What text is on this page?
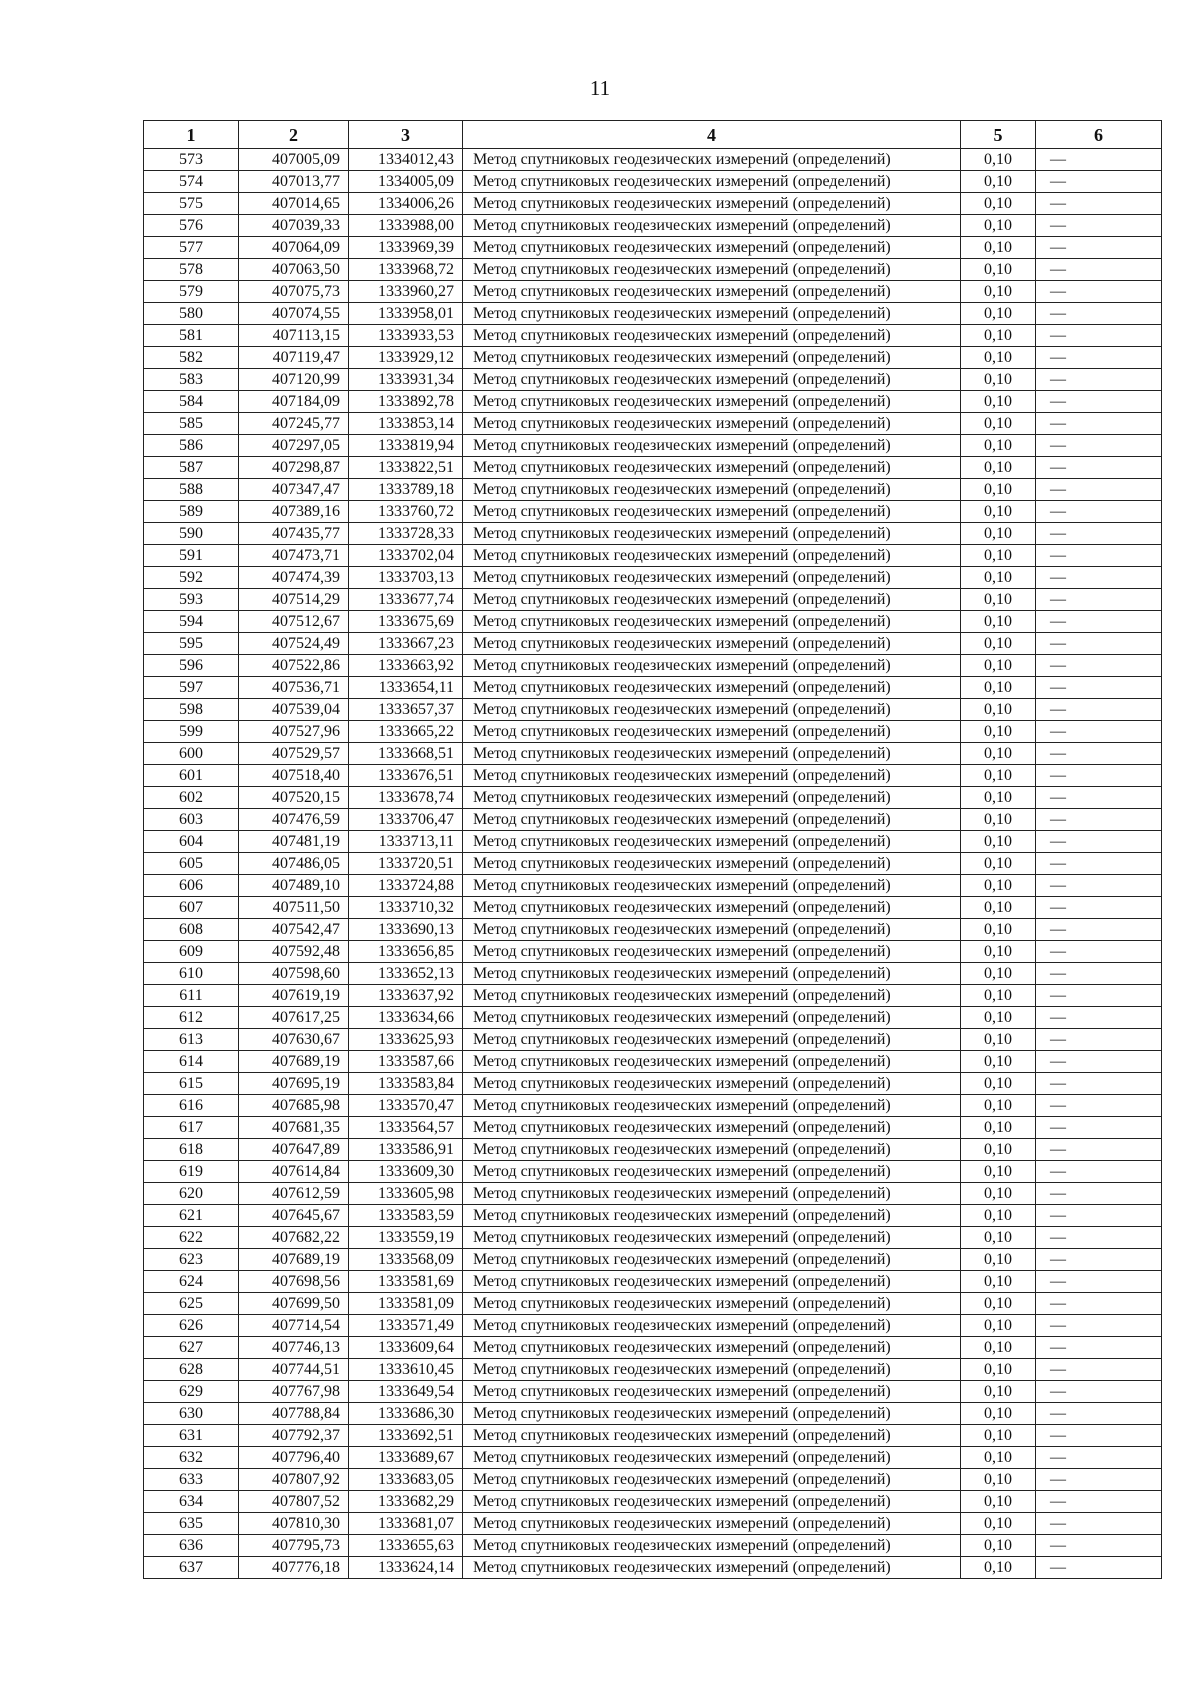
11
1	2	3	4	5	6
573	407005,09	1334012,43	Метод спутниковых геодезических измерений (определений)	0,10	—
574	407013,77	1334005,09	Метод спутниковых геодезических измерений (определений)	0,10	—
575	407014,65	1334006,26	Метод спутниковых геодезических измерений (определений)	0,10	—
576	407039,33	1333988,00	Метод спутниковых геодезических измерений (определений)	0,10	—
577	407064,09	1333969,39	Метод спутниковых геодезических измерений (определений)	0,10	—
578	407063,50	1333968,72	Метод спутниковых геодезических измерений (определений)	0,10	—
579	407075,73	1333960,27	Метод спутниковых геодезических измерений (определений)	0,10	—
580	407074,55	1333958,01	Метод спутниковых геодезических измерений (определений)	0,10	—
581	407113,15	1333933,53	Метод спутниковых геодезических измерений (определений)	0,10	—
582	407119,47	1333929,12	Метод спутниковых геодезических измерений (определений)	0,10	—
583	407120,99	1333931,34	Метод спутниковых геодезических измерений (определений)	0,10	—
584	407184,09	1333892,78	Метод спутниковых геодезических измерений (определений)	0,10	—
585	407245,77	1333853,14	Метод спутниковых геодезических измерений (определений)	0,10	—
586	407297,05	1333819,94	Метод спутниковых геодезических измерений (определений)	0,10	—
587	407298,87	1333822,51	Метод спутниковых геодезических измерений (определений)	0,10	—
588	407347,47	1333789,18	Метод спутниковых геодезических измерений (определений)	0,10	—
589	407389,16	1333760,72	Метод спутниковых геодезических измерений (определений)	0,10	—
590	407435,77	1333728,33	Метод спутниковых геодезических измерений (определений)	0,10	—
591	407473,71	1333702,04	Метод спутниковых геодезических измерений (определений)	0,10	—
592	407474,39	1333703,13	Метод спутниковых геодезических измерений (определений)	0,10	—
593	407514,29	1333677,74	Метод спутниковых геодезических измерений (определений)	0,10	—
594	407512,67	1333675,69	Метод спутниковых геодезических измерений (определений)	0,10	—
595	407524,49	1333667,23	Метод спутниковых геодезических измерений (определений)	0,10	—
596	407522,86	1333663,92	Метод спутниковых геодезических измерений (определений)	0,10	—
597	407536,71	1333654,11	Метод спутниковых геодезических измерений (определений)	0,10	—
598	407539,04	1333657,37	Метод спутниковых геодезических измерений (определений)	0,10	—
599	407527,96	1333665,22	Метод спутниковых геодезических измерений (определений)	0,10	—
600	407529,57	1333668,51	Метод спутниковых геодезических измерений (определений)	0,10	—
601	407518,40	1333676,51	Метод спутниковых геодезических измерений (определений)	0,10	—
602	407520,15	1333678,74	Метод спутниковых геодезических измерений (определений)	0,10	—
603	407476,59	1333706,47	Метод спутниковых геодезических измерений (определений)	0,10	—
604	407481,19	1333713,11	Метод спутниковых геодезических измерений (определений)	0,10	—
605	407486,05	1333720,51	Метод спутниковых геодезических измерений (определений)	0,10	—
606	407489,10	1333724,88	Метод спутниковых геодезических измерений (определений)	0,10	—
607	407511,50	1333710,32	Метод спутниковых геодезических измерений (определений)	0,10	—
608	407542,47	1333690,13	Метод спутниковых геодезических измерений (определений)	0,10	—
609	407592,48	1333656,85	Метод спутниковых геодезических измерений (определений)	0,10	—
610	407598,60	1333652,13	Метод спутниковых геодезических измерений (определений)	0,10	—
611	407619,19	1333637,92	Метод спутниковых геодезических измерений (определений)	0,10	—
612	407617,25	1333634,66	Метод спутниковых геодезических измерений (определений)	0,10	—
613	407630,67	1333625,93	Метод спутниковых геодезических измерений (определений)	0,10	—
614	407689,19	1333587,66	Метод спутниковых геодезических измерений (определений)	0,10	—
615	407695,19	1333583,84	Метод спутниковых геодезических измерений (определений)	0,10	—
616	407685,98	1333570,47	Метод спутниковых геодезических измерений (определений)	0,10	—
617	407681,35	1333564,57	Метод спутниковых геодезических измерений (определений)	0,10	—
618	407647,89	1333586,91	Метод спутниковых геодезических измерений (определений)	0,10	—
619	407614,84	1333609,30	Метод спутниковых геодезических измерений (определений)	0,10	—
620	407612,59	1333605,98	Метод спутниковых геодезических измерений (определений)	0,10	—
621	407645,67	1333583,59	Метод спутниковых геодезических измерений (определений)	0,10	—
622	407682,22	1333559,19	Метод спутниковых геодезических измерений (определений)	0,10	—
623	407689,19	1333568,09	Метод спутниковых геодезических измерений (определений)	0,10	—
624	407698,56	1333581,69	Метод спутниковых геодезических измерений (определений)	0,10	—
625	407699,50	1333581,09	Метод спутниковых геодезических измерений (определений)	0,10	—
626	407714,54	1333571,49	Метод спутниковых геодезических измерений (определений)	0,10	—
627	407746,13	1333609,64	Метод спутниковых геодезических измерений (определений)	0,10	—
628	407744,51	1333610,45	Метод спутниковых геодезических измерений (определений)	0,10	—
629	407767,98	1333649,54	Метод спутниковых геодезических измерений (определений)	0,10	—
630	407788,84	1333686,30	Метод спутниковых геодезических измерений (определений)	0,10	—
631	407792,37	1333692,51	Метод спутниковых геодезических измерений (определений)	0,10	—
632	407796,40	1333689,67	Метод спутниковых геодезических измерений (определений)	0,10	—
633	407807,92	1333683,05	Метод спутниковых геодезических измерений (определений)	0,10	—
634	407807,52	1333682,29	Метод спутниковых геодезических измерений (определений)	0,10	—
635	407810,30	1333681,07	Метод спутниковых геодезических измерений (определений)	0,10	—
636	407795,73	1333655,63	Метод спутниковых геодезических измерений (определений)	0,10	—
637	407776,18	1333624,14	Метод спутниковых геодезических измерений (определений)	0,10	—
